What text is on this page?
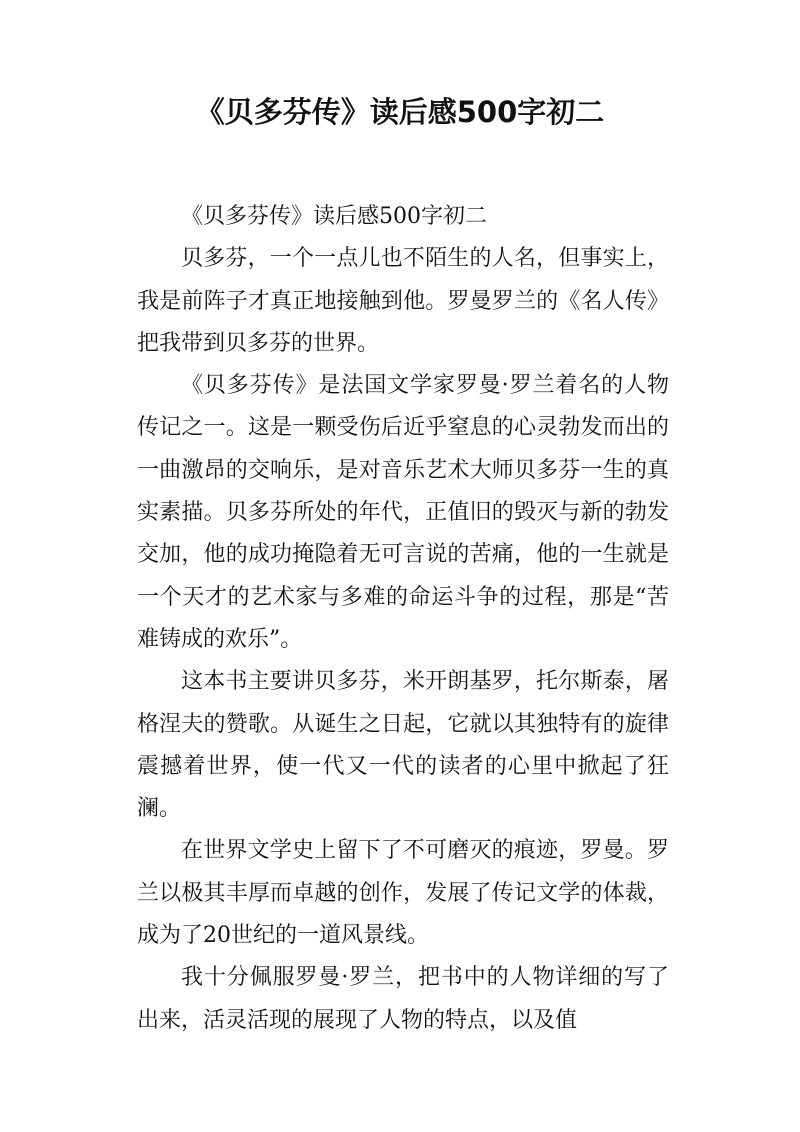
《贝多芬传》读后感500字初二

《贝多芬传》读后感500字初二

贝多芬，一个一点儿也不陌生的人名，但事实上，我是前阵子才真正地接触到他。罗曼罗兰的《名人传》把我带到贝多芬的世界。

《贝多芬传》是法国文学家罗曼·罗兰着名的人物传记之一。这是一颗受伤后近乎窒息的心灵勃发而出的一曲激昂的交响乐，是对音乐艺术大师贝多芬一生的真实素描。贝多芬所处的年代，正值旧的毁灭与新的勃发交加，他的成功掩隐着无可言说的苦痛，他的一生就是一个天才的艺术家与多难的命运斗争的过程，那是“苦难铸成的欢乐”。

这本书主要讲贝多芬，米开朗基罗，托尔斯泰，屠格涅夫的赞歌。从诞生之日起，它就以其独特有的旋律震撼着世界，使一代又一代的读者的心里中掀起了狂澜。

在世界文学史上留下了不可磨灭的痕迹，罗曼。罗兰以极其丰厚而卓越的创作，发展了传记文学的体裁，成为了20世纪的一道风景线。

我十分佩服罗曼·罗兰，把书中的人物详细的写了出来，活灵活现的展现了人物的特点，以及值
